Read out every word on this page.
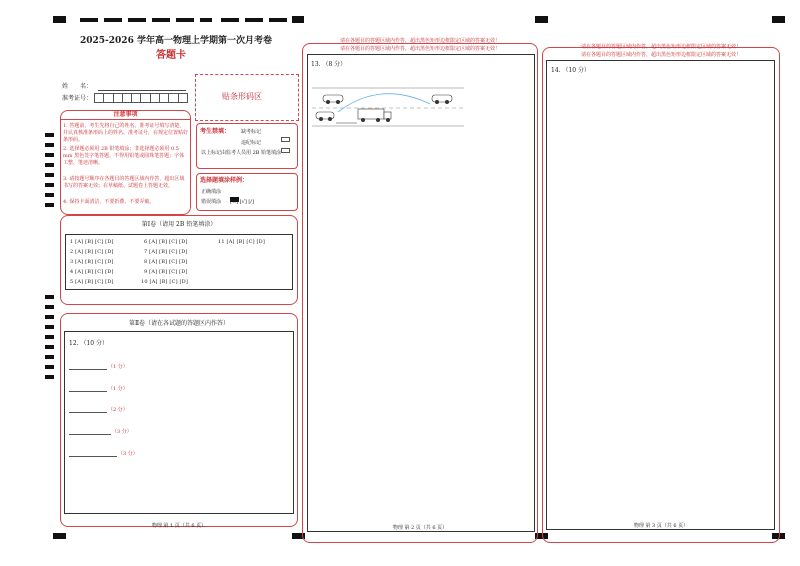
2025-2026 学年高一物理上学期第一次月考卷
答题卡
姓　　名：
准考证号：	贴条形码区
注意事项
1. 答题前，考生先将自己的姓名、准考证号填写清楚，并认真核准条形码上的姓名、准考证号，在规定位置贴好条形码。
2. 选择题必须用 2B 铅笔填涂；非选择题必须用 0.5 mm 黑色签字笔答题，不得用铅笔或圆珠笔答题；字体工整、笔迹清晰。
3. 请按题号顺序在各题目的答题区域内作答，超出区域书写的答案无效；在草稿纸、试题卷上答题无效。
4. 保持卡面清洁，不要折叠、不要弄破。
考生禁填： 缺考标记
违纪标记
以上标记由监考人员用 2B 铅笔填涂
选择题填涂样例：
正确填涂
错误填涂 [×] [√] [/]
第Ⅰ卷（请用 2B 铅笔填涂）
1 [A] [B] [C] [D]
2 [A] [B] [C] [D]
3 [A] [B] [C] [D]
4 [A] [B] [C] [D]
5 [A] [B] [C] [D]
6 [A] [B] [C] [D]
7 [A] [B] [C] [D]
8 [A] [B] [C] [D]
9 [A] [B] [C] [D]
10 [A] [B] [C] [D]
11 [A] [B] [C] [D]
第Ⅱ卷（请在各试题的答题区内作答）
12. （10 分）
（1 分）
（1 分）
（2 分）
（3 分）
（3 分）
物理 第 1 页（共 6 页）
请在各题目的答题区域内作答，超出黑色矩形边框限定区域的答案无效！
请在各题目的答题区域内作答，超出黑色矩形边框限定区域的答案无效！
13. （8 分）
物理 第 2 页（共 6 页）
请在各题目的答题区域内作答，超出黑色矩形边框限定区域的答案无效！
请在各题目的答题区域内作答，超出黑色矩形边框限定区域的答案无效！
14. （10 分）
物理 第 3 页（共 6 页）
